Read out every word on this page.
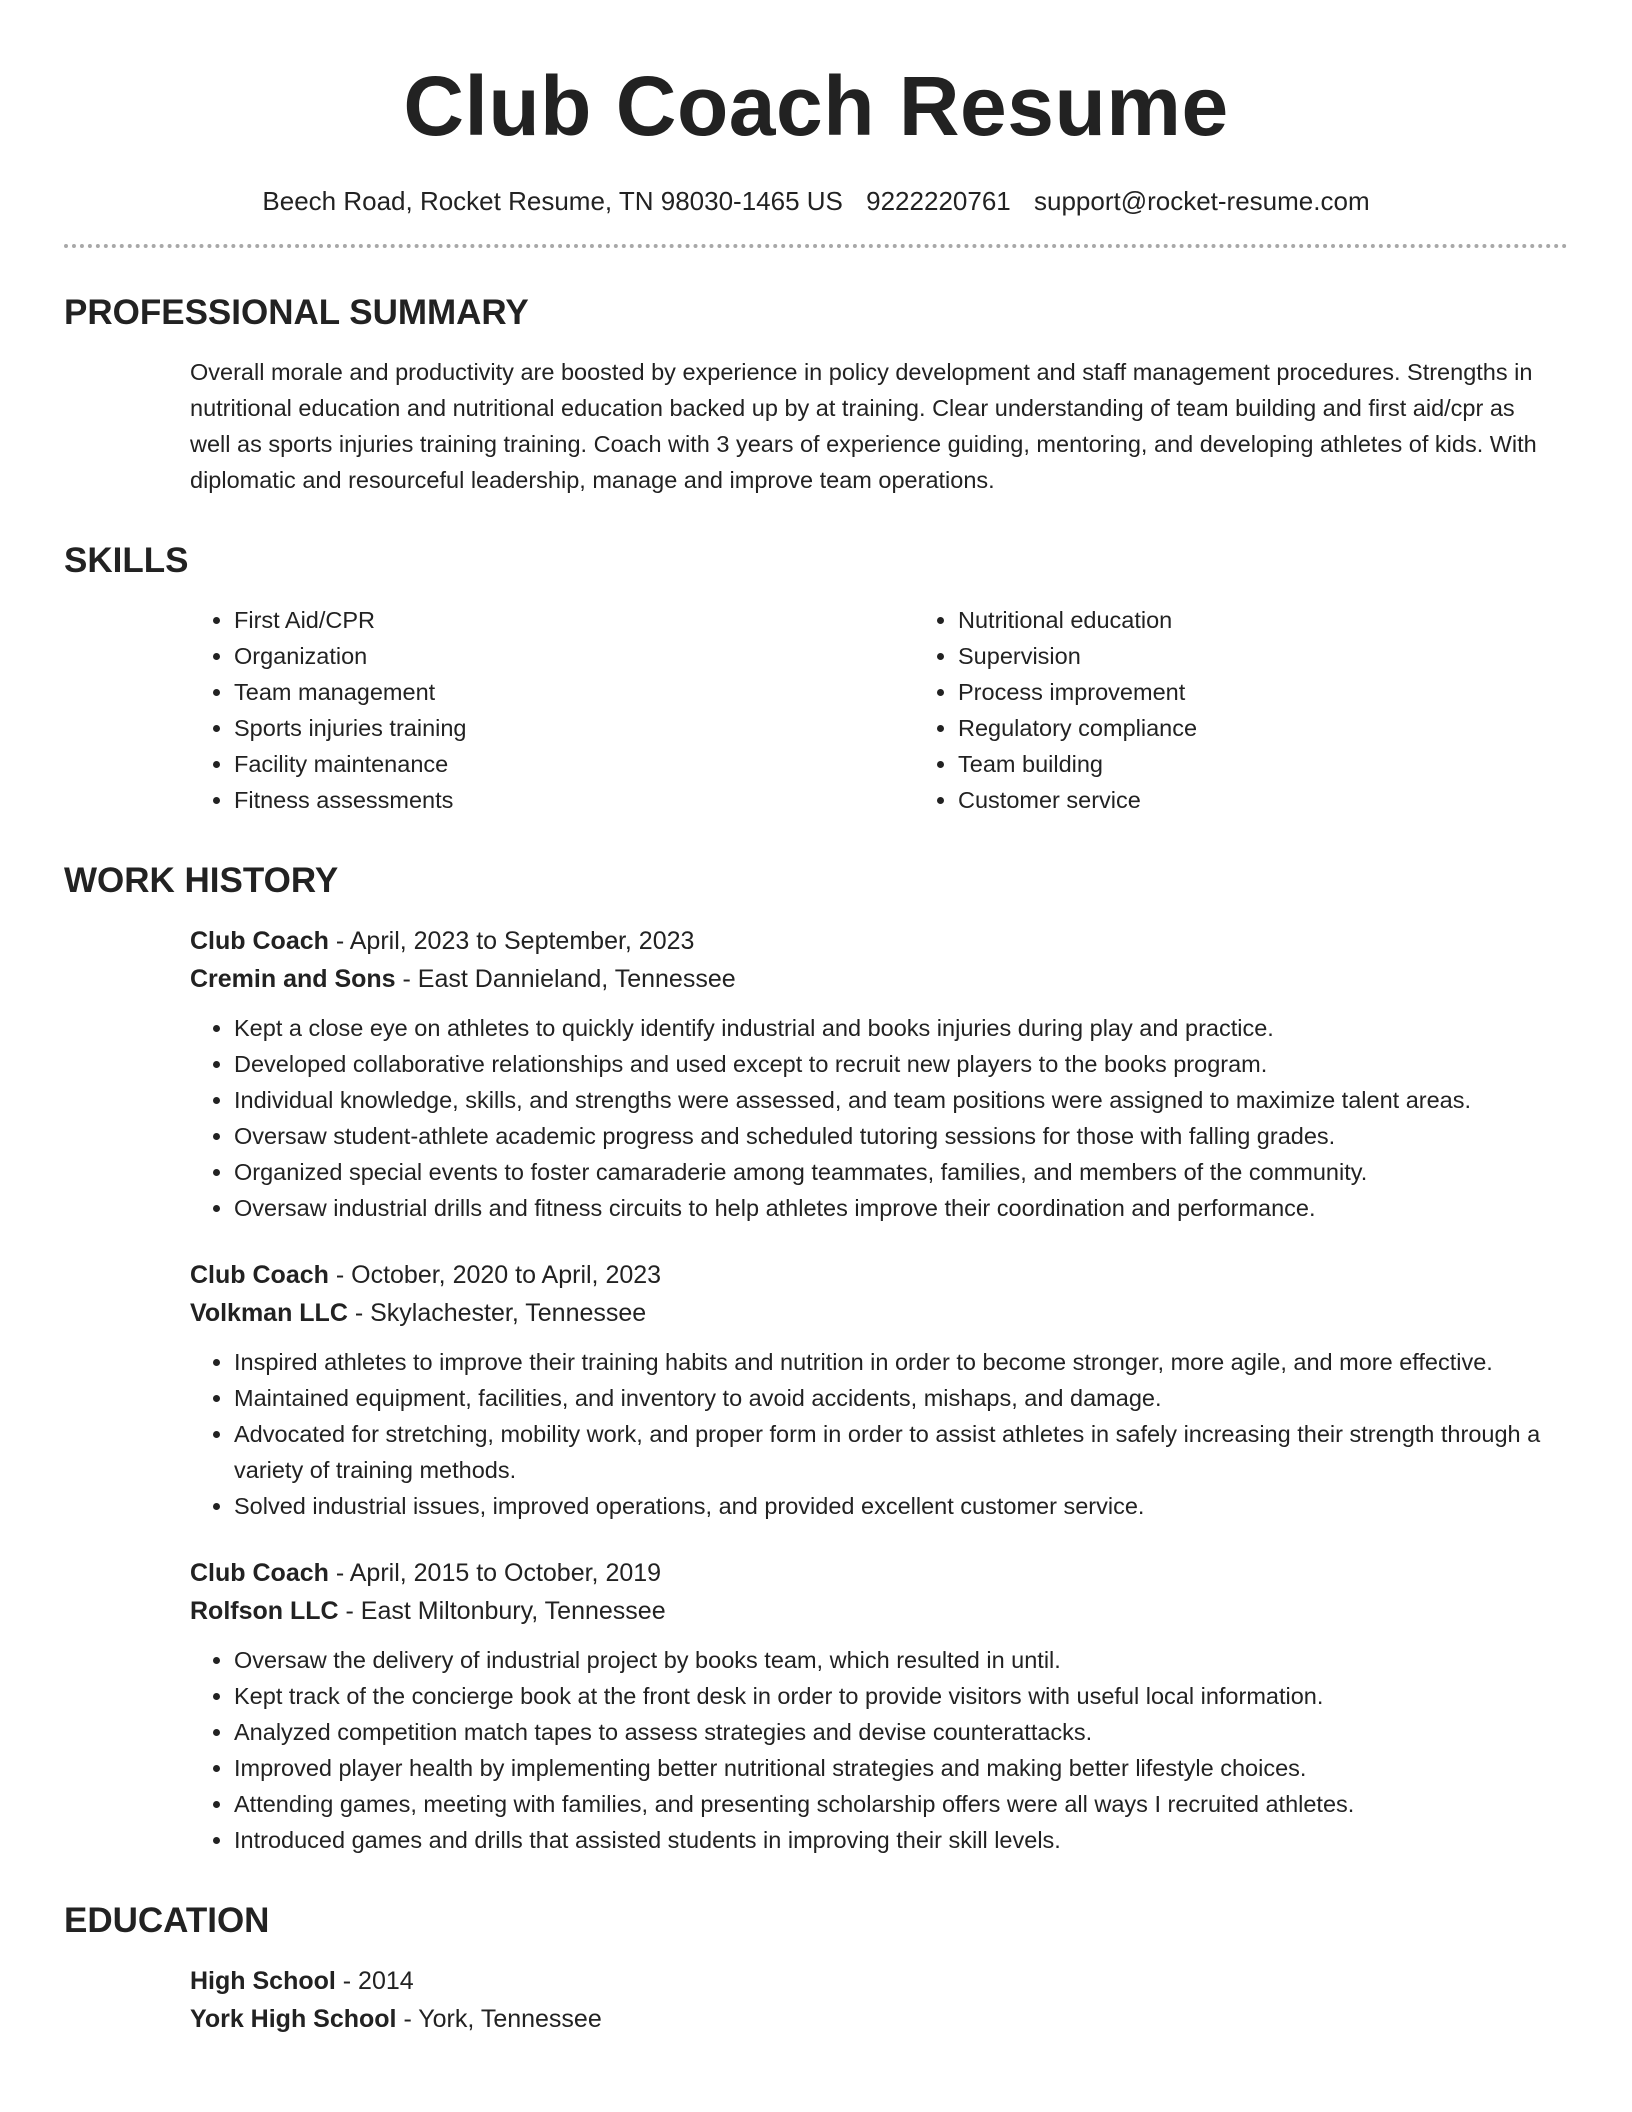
Club Coach Resume
Beech Road, Rocket Resume, TN 98030-1465 US 9222220761 support@rocket-resume.com
PROFESSIONAL SUMMARY
Overall morale and productivity are boosted by experience in policy development and staff management procedures. Strengths in nutritional education and nutritional education backed up by at training. Clear understanding of team building and first aid/cpr as well as sports injuries training training. Coach with 3 years of experience guiding, mentoring, and developing athletes of kids. With diplomatic and resourceful leadership, manage and improve team operations.
SKILLS
• First Aid/CPR
• Organization
• Team management
• Sports injuries training
• Facility maintenance
• Fitness assessments
• Nutritional education
• Supervision
• Process improvement
• Regulatory compliance
• Team building
• Customer service
WORK HISTORY
Club Coach - April, 2023 to September, 2023
Cremin and Sons - East Dannieland, Tennessee
• Kept a close eye on athletes to quickly identify industrial and books injuries during play and practice.
• Developed collaborative relationships and used except to recruit new players to the books program.
• Individual knowledge, skills, and strengths were assessed, and team positions were assigned to maximize talent areas.
• Oversaw student-athlete academic progress and scheduled tutoring sessions for those with falling grades.
• Organized special events to foster camaraderie among teammates, families, and members of the community.
• Oversaw industrial drills and fitness circuits to help athletes improve their coordination and performance.
Club Coach - October, 2020 to April, 2023
Volkman LLC - Skylachester, Tennessee
• Inspired athletes to improve their training habits and nutrition in order to become stronger, more agile, and more effective.
• Maintained equipment, facilities, and inventory to avoid accidents, mishaps, and damage.
• Advocated for stretching, mobility work, and proper form in order to assist athletes in safely increasing their strength through a variety of training methods.
• Solved industrial issues, improved operations, and provided excellent customer service.
Club Coach - April, 2015 to October, 2019
Rolfson LLC - East Miltonbury, Tennessee
• Oversaw the delivery of industrial project by books team, which resulted in until.
• Kept track of the concierge book at the front desk in order to provide visitors with useful local information.
• Analyzed competition match tapes to assess strategies and devise counterattacks.
• Improved player health by implementing better nutritional strategies and making better lifestyle choices.
• Attending games, meeting with families, and presenting scholarship offers were all ways I recruited athletes.
• Introduced games and drills that assisted students in improving their skill levels.
EDUCATION
High School - 2014
York High School - York, Tennessee
